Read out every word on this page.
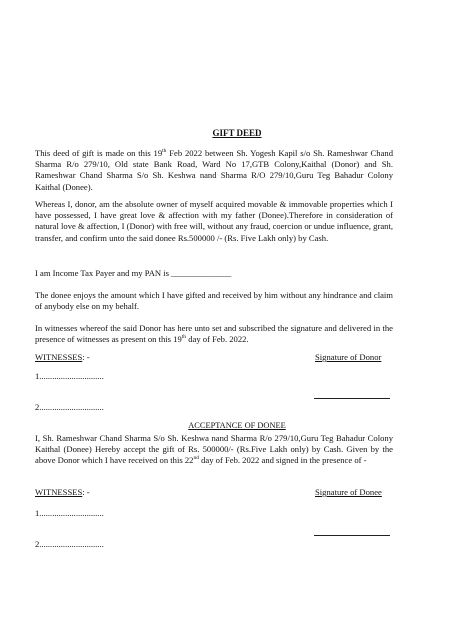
GIFT DEED
This deed of gift is made on this 19th Feb 2022 between Sh. Yogesh Kapil s/o Sh. Rameshwar Chand Sharma R/o 279/10, Old state Bank Road, Ward No 17,GTB Colony,Kaithal (Donor) and Sh. Rameshwar Chand Sharma S/o Sh. Keshwa nand Sharma R/O 279/10,Guru Teg Bahadur Colony Kaithal (Donee).
Whereas I, donor, am the absolute owner of myself acquired movable & immovable properties which I have possessed, I have great love & affection with my father (Donee).Therefore in consideration of natural love & affection, I (Donor) with free will, without any fraud, coercion or undue influence, grant, transfer, and confirm unto the said donee Rs.500000 /- (Rs. Five Lakh only) by Cash.
I am Income Tax Payer and my PAN is ______________
The donee enjoys the amount which I have gifted and received by him without any hindrance and claim of anybody else on my behalf.
In witnesses whereof the said Donor has here unto set and subscribed the signature and delivered in the presence of witnesses as present on this 19th day of Feb. 2022.
WITNESSES: -	Signature of Donor
1..............................
2..............................
ACCEPTANCE OF DONEE
I, Sh. Rameshwar Chand Sharma S/o Sh. Keshwa nand Sharma R/o 279/10,Guru Teg Bahadur Colony Kaithal (Donee) Hereby accept the gift of Rs. 500000/- (Rs.Five Lakh only) by Cash. Given by the above Donor which I have received on this 22nd day of Feb. 2022 and signed in the presence of -
WITNESSES: -	Signature of Donee
1..............................
2..............................
